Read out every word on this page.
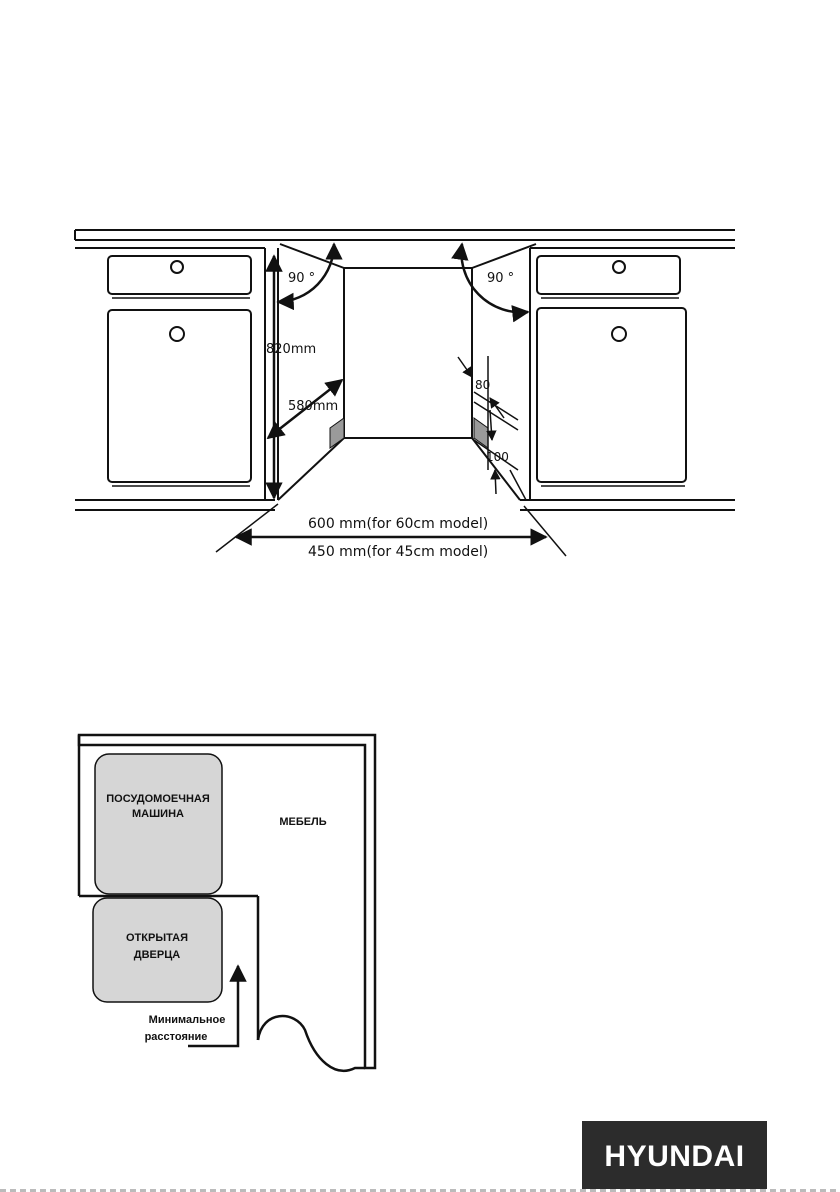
90 °	90 °
820mm
580mm
80
100
600 mm(for 60cm model)
450 mm(for 45cm model)
ПОСУДОМОЕЧНАЯ
МАШИНА
МЕБЕЛЬ
ОТКРЫТАЯ
ДВЕРЦА
Минимальное
расстояние
HYUNDAI
